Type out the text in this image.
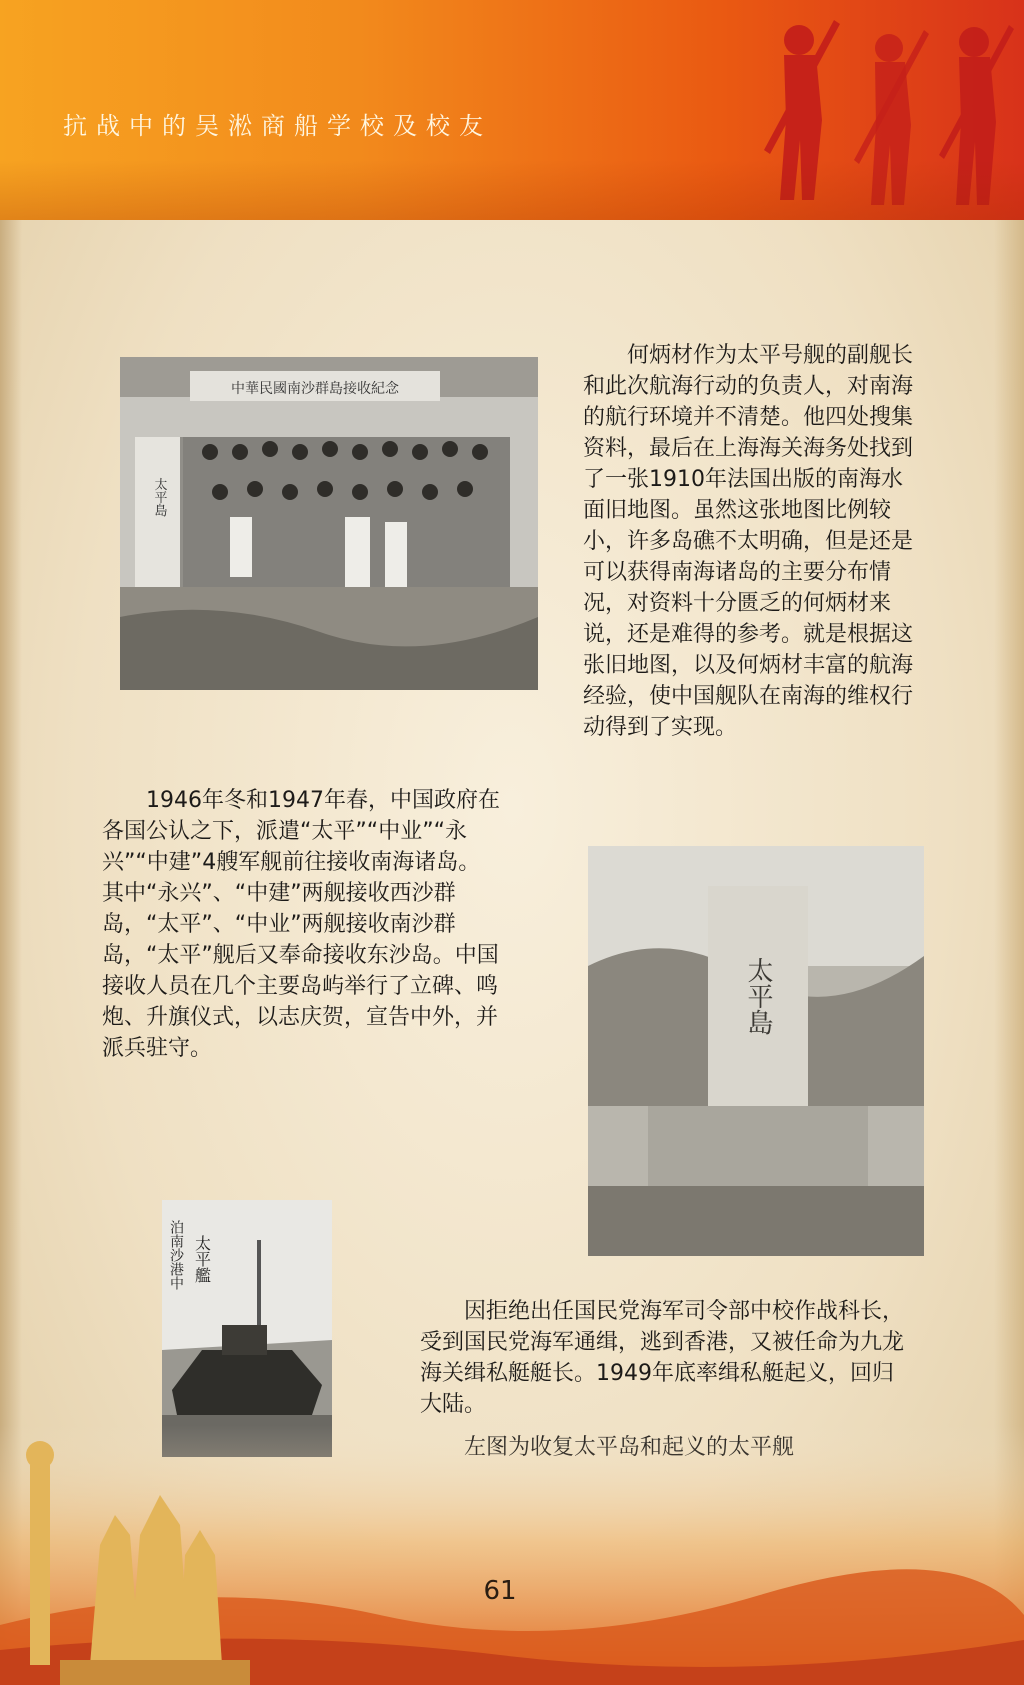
抗战中的吴淞商船学校及校友
中華民國南沙群島接收紀念
太平島

何炳材作为太平号舰的副舰长和此次航海行动的负责人，对南海的航行环境并不清楚。他四处搜集资料，最后在上海海关海务处找到了一张1910年法国出版的南海水面旧地图。虽然这张地图比例较小，许多岛礁不太明确，但是还是可以获得南海诸岛的主要分布情况，对资料十分匮乏的何炳材来说，还是难得的参考。就是根据这张旧地图，以及何炳材丰富的航海经验，使中国舰队在南海的维权行动得到了实现。

1946年冬和1947年春，中国政府在各国公认之下，派遣“太平”“中业”“永兴”“中建”4艘军舰前往接收南海诸岛。其中“永兴”、“中建”两舰接收西沙群岛，“太平”、“中业”两舰接收南沙群岛，“太平”舰后又奉命接收东沙岛。中国接收人员在几个主要岛屿举行了立碑、鸣炮、升旗仪式，以志庆贺，宣告中外，并派兵驻守。

太平島
太平艦
泊南沙港中

因拒绝出任国民党海军司令部中校作战科长，受到国民党海军通缉，逃到香港，又被任命为九龙海关缉私艇艇长。1949年底率缉私艇起义，回归大陆。

61
